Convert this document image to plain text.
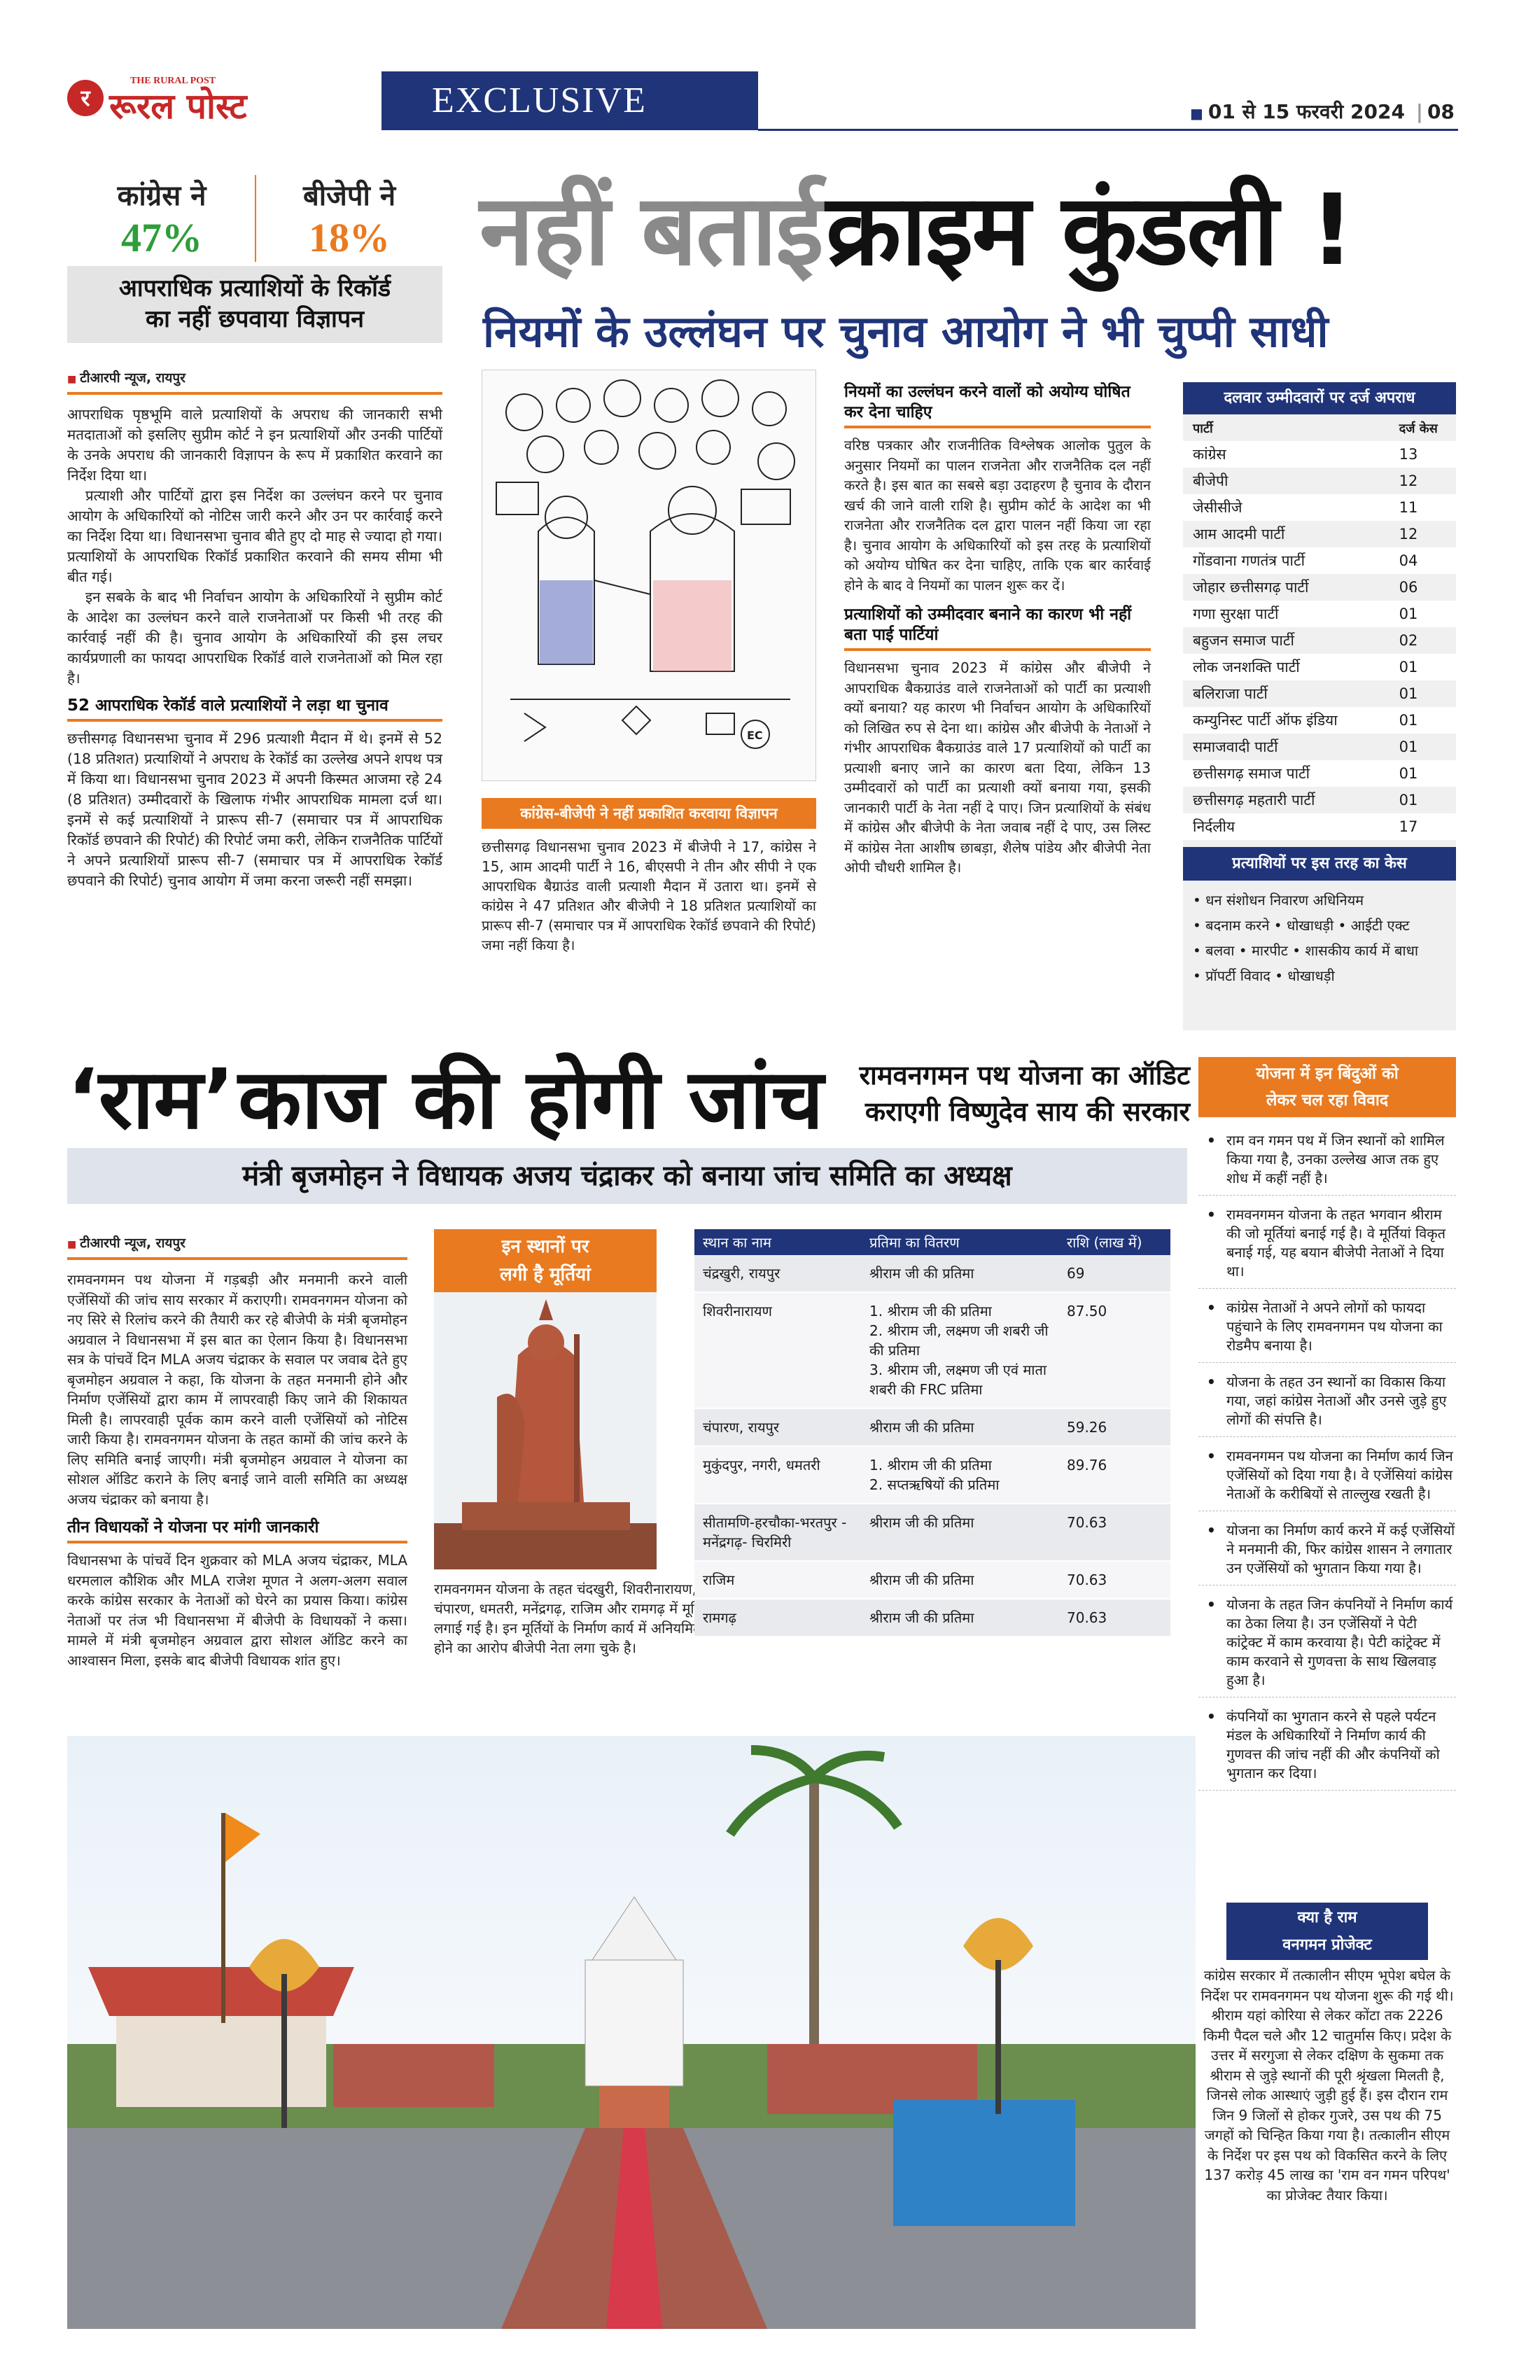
र
THE RURAL POST
रूरल पोस्ट	EXCLUSIVE	■ 01 से 15 फरवरी 2024 | 08
कांग्रेस ने
47%
बीजेपी ने
18%
आपराधिक प्रत्याशियों के रिकॉर्ड
का नहीं छपवाया विज्ञापन
नहीं बताई क्राइम कुंडली !
नियमों के उल्लंघन पर चुनाव आयोग ने भी चुप्पी साधी
■ टीआरपी न्यूज, रायपुर
आपराधिक पृष्ठभूमि वाले प्रत्याशियों के अपराध की जानकारी सभी मतदाताओं को इसलिए सुप्रीम कोर्ट ने इन प्रत्याशियों और उनकी पार्टियों के उनके अपराध की जानकारी विज्ञापन के रूप में प्रकाशित करवाने का निर्देश दिया था।
प्रत्याशी और पार्टियों द्वारा इस निर्देश का उल्लंघन करने पर चुनाव आयोग के अधिकारियों को नोटिस जारी करने और उन पर कार्रवाई करने का निर्देश दिया था। विधानसभा चुनाव बीते हुए दो माह से ज्यादा हो गया। प्रत्याशियों के आपराधिक रिकॉर्ड प्रकाशित करवाने की समय सीमा भी बीत गई।
इन सबके के बाद भी निर्वाचन आयोग के अधिकारियों ने सुप्रीम कोर्ट के आदेश का उल्लंघन करने वाले राजनेताओं पर किसी भी तरह की कार्रवाई नहीं की है। चुनाव आयोग के अधिकारियों की इस लचर कार्यप्रणाली का फायदा आपराधिक रिकॉर्ड वाले राजनेताओं को मिल रहा है।
52 आपराधिक रेकॉर्ड वाले प्रत्याशियों ने लड़ा था चुनाव
छत्तीसगढ़ विधानसभा चुनाव में 296 प्रत्याशी मैदान में थे। इनमें से 52 (18 प्रतिशत) प्रत्याशियों ने अपराध के रेकॉर्ड का उल्लेख अपने शपथ पत्र में किया था। विधानसभा चुनाव 2023 में अपनी किस्मत आजमा रहे 24 (8 प्रतिशत) उम्मीदवारों के खिलाफ गंभीर आपराधिक मामला दर्ज था। इनमें से कई प्रत्याशियों ने प्रारूप सी-7 (समाचार पत्र में आपराधिक रिकॉर्ड छपवाने की रिपोर्ट) की रिपोर्ट जमा करी, लेकिन राजनैतिक पार्टियों ने अपने प्रत्याशियों प्रारूप सी-7 (समाचार पत्र में आपराधिक रेकॉर्ड छपवाने की रिपोर्ट) चुनाव आयोग में जमा करना जरूरी नहीं समझा।
EC
कांग्रेस-बीजेपी ने नहीं प्रकाशित करवाया विज्ञापन
छत्तीसगढ़ विधानसभा चुनाव 2023 में बीजेपी ने 17, कांग्रेस ने 15, आम आदमी पार्टी ने 16, बीएसपी ने तीन और सीपी ने एक आपराधिक बैग्राउंड वाली प्रत्याशी मैदान में उतारा था। इनमें से कांग्रेस ने 47 प्रतिशत और बीजेपी ने 18 प्रतिशत प्रत्याशियों का प्रारूप सी-7 (समाचार पत्र में आपराधिक रेकॉर्ड छपवाने की रिपोर्ट) जमा नहीं किया है।
नियमों का उल्लंघन करने वालों को अयोग्य घोषित कर देना चाहिए
वरिष्ठ पत्रकार और राजनीतिक विश्लेषक आलोक पुतुल के अनुसार नियमों का पालन राजनेता और राजनैतिक दल नहीं करते है। इस बात का सबसे बड़ा उदाहरण है चुनाव के दौरान खर्च की जाने वाली राशि है। सुप्रीम कोर्ट के आदेश का भी राजनेता और राजनैतिक दल द्वारा पालन नहीं किया जा रहा है। चुनाव आयोग के अधिकारियों को इस तरह के प्रत्याशियों को अयोग्य घोषित कर देना चाहिए, ताकि एक बार कार्रवाई होने के बाद वे नियमों का पालन शुरू कर दें।
प्रत्याशियों को उम्मीदवार बनाने का कारण भी नहीं बता पाई पार्टियां
विधानसभा चुनाव 2023 में कांग्रेस और बीजेपी ने आपराधिक बैकग्राउंड वाले राजनेताओं को पार्टी का प्रत्याशी क्यों बनाया? यह कारण भी निर्वाचन आयोग के अधिकारियों को लिखित रुप से देना था। कांग्रेस और बीजेपी के नेताओं ने गंभीर आपराधिक बैकग्राउंड वाले 17 प्रत्याशियों को पार्टी का प्रत्याशी बनाए जाने का कारण बता दिया, लेकिन 13 उम्मीदवारों को पार्टी का प्रत्याशी क्यों बनाया गया, इसकी जानकारी पार्टी के नेता नहीं दे पाए। जिन प्रत्याशियों के संबंध में कांग्रेस और बीजेपी के नेता जवाब नहीं दे पाए, उस लिस्ट में कांग्रेस नेता आशीष छाबड़ा, शैलेष पांडेय और बीजेपी नेता ओपी चौधरी शामिल है।
दलवार उम्मीदवारों पर दर्ज अपराध
पार्टी	दर्ज केस
कांग्रेस	13
बीजेपी	12
जेसीसीजे	11
आम आदमी पार्टी	12
गोंडवाना गणतंत्र पार्टी	04
जोहार छत्तीसगढ़ पार्टी	06
गणा सुरक्षा पार्टी	01
बहुजन समाज पार्टी	02
लोक जनशक्ति पार्टी	01
बलिराजा पार्टी	01
कम्युनिस्ट पार्टी ऑफ इंडिया	01
समाजवादी पार्टी	01
छत्तीसगढ़ समाज पार्टी	01
छत्तीसगढ़ महतारी पार्टी	01
निर्दलीय	17
प्रत्याशियों पर इस तरह का केस
• धन संशोधन निवारण अधिनियम
• बदनाम करने • धोखाधड़ी • आईटी एक्ट
• बलवा • मारपीट • शासकीय कार्य में बाधा
• प्रॉपर्टी विवाद • धोखाधड़ी
‘राम’ काज की होगी जांच	रामवनगमन पथ योजना का ऑडिट
कराएगी विष्णुदेव साय की सरकार
मंत्री बृजमोहन ने विधायक अजय चंद्राकर को बनाया जांच समिति का अध्यक्ष
■ टीआरपी न्यूज, रायपुर
रामवनगमन पथ योजना में गड़बड़ी और मनमानी करने वाली एजेंसियों की जांच साय सरकार में कराएगी। रामवनगमन योजना को नए सिरे से रिलांच करने की तैयारी कर रहे बीजेपी के मंत्री बृजमोहन अग्रवाल ने विधानसभा में इस बात का ऐलान किया है। विधानसभा सत्र के पांचवें दिन MLA अजय चंद्राकर के सवाल पर जवाब देते हुए बृजमोहन अग्रवाल ने कहा, कि योजना के तहत मनमानी होने और निर्माण एजेंसियों द्वारा काम में लापरवाही किए जाने की शिकायत मिली है। लापरवाही पूर्वक काम करने वाली एजेंसियों को नोटिस जारी किया है। रामवनगमन योजना के तहत कामों की जांच करने के लिए समिति बनाई जाएगी। मंत्री बृजमोहन अग्रवाल ने योजना का सोशल ऑडिट कराने के लिए बनाई जाने वाली समिति का अध्यक्ष अजय चंद्राकर को बनाया है।
तीन विधायकों ने योजना पर मांगी जानकारी
विधानसभा के पांचवें दिन शुक्रवार को MLA अजय चंद्राकर, MLA धरमलाल कौशिक और MLA राजेश मूणत ने अलग-अलग सवाल करके कांग्रेस सरकार के नेताओं को घेरने का प्रयास किया। कांग्रेस नेताओं पर तंज भी विधानसभा में बीजेपी के विधायकों ने कसा। मामले में मंत्री बृजमोहन अग्रवाल द्वारा सोशल ऑडिट करने का आश्वासन मिला, इसके बाद बीजेपी विधायक शांत हुए।
इन स्थानों पर
लगी है मूर्तियां
रामवनगमन योजना के तहत चंदखुरी, शिवरीनारायण, चंपारण, धमतरी, मनेंद्रगढ़, राजिम और रामगढ़ में मूर्तियां लगाई गई है। इन मूर्तियों के निर्माण कार्य में अनियमित होने का आरोप बीजेपी नेता लगा चुके है।
स्थान का नाम	प्रतिमा का वितरण	राशि (लाख में)
चंद्रखुरी, रायपुर	श्रीराम जी की प्रतिमा	69
शिवरीनारायण	1. श्रीराम जी की प्रतिमा
2. श्रीराम जी, लक्ष्मण जी शबरी जी की प्रतिमा
3. श्रीराम जी, लक्ष्मण जी एवं माता शबरी की FRC प्रतिमा	87.50
चंपारण, रायपुर	श्रीराम जी की प्रतिमा	59.26
मुकुंदपुर, नगरी, धमतरी	1. श्रीराम जी की प्रतिमा
2. सप्तऋषियों की प्रतिमा	89.76
सीतामणि-हरचौका-भरतपुर - मनेंद्रगढ़- चिरमिरी	श्रीराम जी की प्रतिमा	70.63
राजिम	श्रीराम जी की प्रतिमा	70.63
रामगढ़	श्रीराम जी की प्रतिमा	70.63
योजना में इन बिंदुओं को
लेकर चल रहा विवाद
• राम वन गमन पथ में जिन स्थानों को शामिल किया गया है, उनका उल्लेख आज तक हुए शोध में कहीं नहीं है।
• रामवनगमन योजना के तहत भगवान श्रीराम की जो मूर्तियां बनाई गई है। वे मूर्तियां विकृत बनाई गई, यह बयान बीजेपी नेताओं ने दिया था।
• कांग्रेस नेताओं ने अपने लोगों को फायदा पहुंचाने के लिए रामवनगमन पथ योजना का रोडमैप बनाया है।
• योजना के तहत उन स्थानों का विकास किया गया, जहां कांग्रेस नेताओं और उनसे जुड़े हुए लोगों की संपत्ति है।
• रामवनगमन पथ योजना का निर्माण कार्य जिन एजेंसियों को दिया गया है। वे एजेंसियां कांग्रेस नेताओं के करीबियों से ताल्लुख रखती है।
• योजना का निर्माण कार्य करने में कई एजेंसियों ने मनमानी की, फिर कांग्रेस शासन ने लगातार उन एजेंसियों को भुगतान किया गया है।
• योजना के तहत जिन कंपनियों ने निर्माण कार्य का ठेका लिया है। उन एजेंसियों ने पेटी कांट्रेक्ट में काम करवाया है। पेटी कांट्रेक्ट में काम करवाने से गुणवत्ता के साथ खिलवाड़ हुआ है।
• कंपनियों का भुगतान करने से पहले पर्यटन मंडल के अधिकारियों ने निर्माण कार्य की गुणवत्त की जांच नहीं की और कंपनियों को भुगतान कर दिया।
क्या है राम
वनगमन प्रोजेक्ट
कांग्रेस सरकार में तत्कालीन सीएम भूपेश बघेल के निर्देश पर रामवनगमन पथ योजना शुरू की गई थी। श्रीराम यहां कोरिया से लेकर कोंटा तक 2226 किमी पैदल चले और 12 चातुर्मास किए। प्रदेश के उत्तर में सरगुजा से लेकर दक्षिण के सुकमा तक श्रीराम से जुड़े स्थानों की पूरी श्रृंखला मिलती है, जिनसे लोक आस्थाएं जुड़ी हुई हैं। इस दौरान राम जिन 9 जिलों से होकर गुजरे, उस पथ की 75 जगहों को चिन्हित किया गया है। तत्कालीन सीएम के निर्देश पर इस पथ को विकसित करने के लिए 137 करोड़ 45 लाख का 'राम वन गमन परिपथ' का प्रोजेक्ट तैयार किया।
